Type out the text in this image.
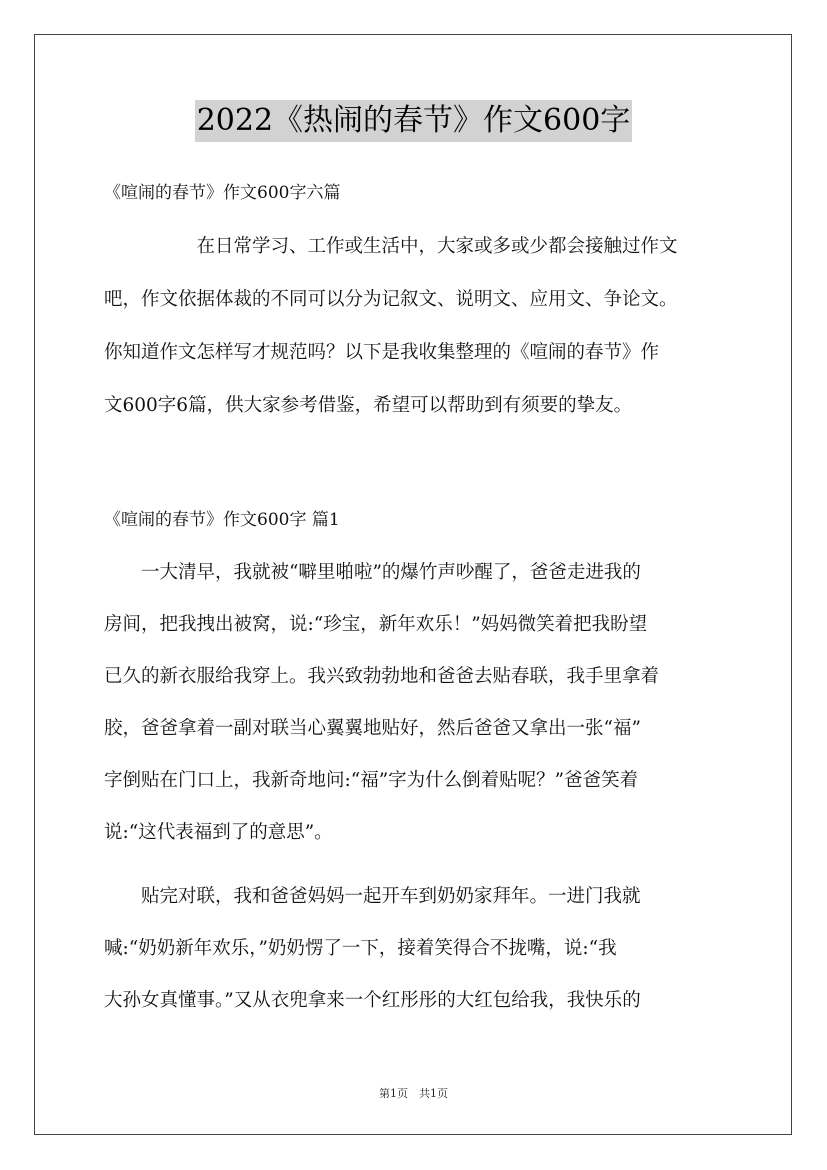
2022《热闹的春节》作文600字
《喧闹的春节》作文600字六篇
　　　　　在日常学习、工作或生活中，大家或多或少都会接触过作文
吧，作文依据体裁的不同可以分为记叙文、说明文、应用文、争论文。
你知道作文怎样写才规范吗？以下是我收集整理的《喧闹的春节》作
文600字6篇，供大家参考借鉴，希望可以帮助到有须要的挚友。
《喧闹的春节》作文600字 篇1
　　一大清早，我就被“噼里啪啦”的爆竹声吵醒了，爸爸走进我的
房间，把我拽出被窝，说:“珍宝，新年欢乐！”妈妈微笑着把我盼望
已久的新衣服给我穿上。我兴致勃勃地和爸爸去贴春联，我手里拿着
胶，爸爸拿着一副对联当心翼翼地贴好，然后爸爸又拿出一张“福”
字倒贴在门口上，我新奇地问:“福”字为什么倒着贴呢？”爸爸笑着
说:“这代表福到了的意思”。
　　贴完对联，我和爸爸妈妈一起开车到奶奶家拜年。一进门我就
喊:“奶奶新年欢乐，”奶奶愣了一下，接着笑得合不拢嘴，说:“我
大孙女真懂事。”又从衣兜拿来一个红彤彤的大红包给我，我快乐的
第1页　共1页
